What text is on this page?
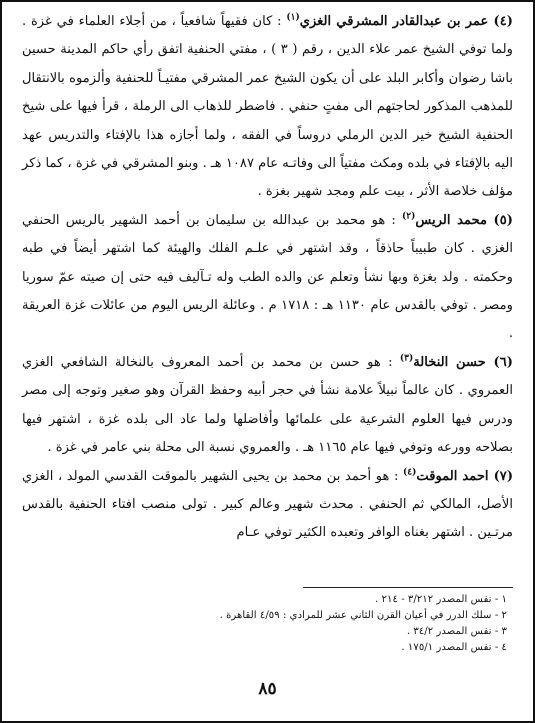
(٤) عمر بن عبدالقادر المشرقي الغزي$^{(١)}$ : كان فقيهاً شافعياً ، من أجلاء العلماء في غزة . ولما توفي الشيخ عمر علاء الدين ، رقم ( ٣ ) ، مفتي الحنفية اتفق رأي حاكم المدينة حسين باشا رضوان وأكابر البلد على أن يكون الشيخ عمر المشرقي مفتيـاً للحنفية وألزموه بالانتقال للمذهب المذكور لحاجتهم الى مفتٍ حنفي . فاضطر للذهاب الى الرملة ، قرأ فيها على شيخ الحنفية الشيخ خير الدين الرملي دروساً في الفقه ، ولما أجازه هذا بالإفتاء والتدريس عهد اليه بالإفتاء في بلده ومكث مفتياً الى وفاتـه عام ١٠٨٧ هـ . وبنو المشرقي في غزة ، كما ذكر مؤلف خلاصة الأثر ، بيت علم ومجد شهير بغزة .

(٥) محمد الريس$^{(٢)}$ : هو محمد بن عبدالله بن سليمان بن أحمد الشهير بالريس الحنفي الغزي . كان طبيباً حاذقاً ، وقد اشتهر في علـم الفلك والهيئة كما اشتهر أيضاً في طبه وحكمته . ولد بغزة وبها نشأ وتعلم عن والده الطب وله تـآليف فيه حتى إن صيته عمّ سوريا ومصر . توفي بالقدس عام ١١٣٠ هـ : ١٧١٨ م . وعائلة الريس اليوم من عائلات غزة العريقة .

(٦) حسن النخالة$^{(٣)}$ : هو حسن بن محمد بن أحمد المعروف بالنخالة الشافعي الغزي العمروي . كان عالماً نبيلاً علامة نشأ في حجر أبيه وحفظ القرآن وهو صغير وتوجه إلى مصر ودرس فيها العلوم الشرعية على علمائها وأفاضلها ولما عاد الى بلده غزة ، اشتهر فيها بصلاحه وورعه وتوفي فيها عام ١١٦٥ هـ . والعمروي نسبة الى محلة بني عامر في غزة .

(٧) احمد الموقت$^{(٤)}$ : هو أحمد بن محمد بن يحيى الشهير بالموقت القدسي المولد ، الغزي الأصل، المالكي ثم الحنفي . محدث شهير وعالم كبير . تولى منصب افتاء الحنفية بالقدس مرتـين . اشتهر بغناه الوافر وتعبده الكثير توفي عـام

١ - نفس المصدر ٣/٢١٢ - ٢١٤ .
٢ - سلك الدرر في أعيان القرن الثاني عشر للمرادي : ٤/٥٩ القاهرة .
٣ - نفس المصدر ٣٤/٢ .
٤ - نفس المصدر ١٧٥/١ .
٨٥
